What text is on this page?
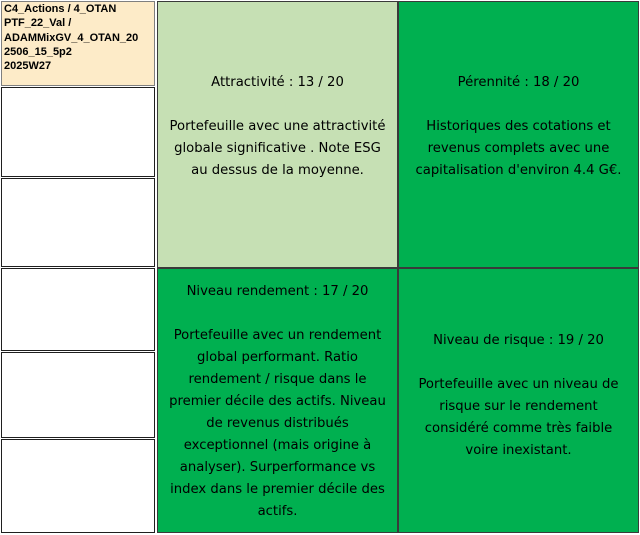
C4_Actions / 4_OTAN
PTF_22_Val /
ADAMMixGV_4_OTAN_20
2506_15_5p2
2025W27

Attractivité : 13 / 20

Portefeuille avec une attractivité globale significative . Note ESG au dessus de la moyenne.

Pérennité : 18 / 20

Historiques des cotations et revenus complets avec une capitalisation d'environ 4.4 G€.

Niveau rendement : 17 / 20

Portefeuille avec un rendement global performant. Ratio rendement / risque dans le premier décile des actifs. Niveau de revenus distribués exceptionnel (mais origine à analyser). Surperformance vs index dans le premier décile des actifs.

Niveau de risque : 19 / 20

Portefeuille avec un niveau de risque sur le rendement considéré comme très faible voire inexistant.
